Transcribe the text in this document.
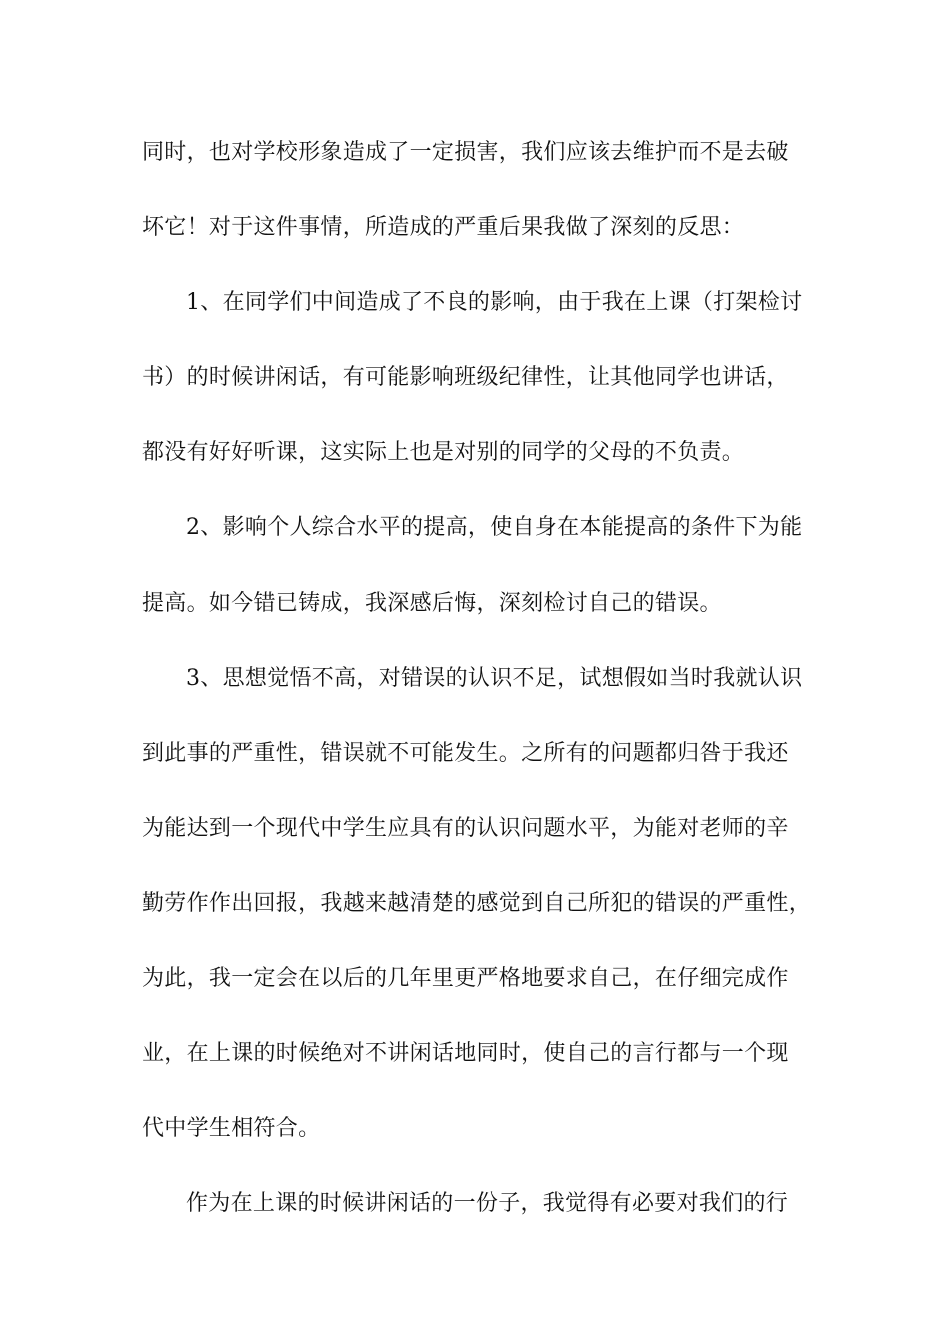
同时，也对学校形象造成了一定损害，我们应该去维护而不是去破
坏它！对于这件事情，所造成的严重后果我做了深刻的反思：
1、在同学们中间造成了不良的影响，由于我在上课（打架检讨
书）的时候讲闲话，有可能影响班级纪律性，让其他同学也讲话，
都没有好好听课，这实际上也是对别的同学的父母的不负责。
2、影响个人综合水平的提高，使自身在本能提高的条件下为能
提高。如今错已铸成，我深感后悔，深刻检讨自己的错误。
3、思想觉悟不高，对错误的认识不足，试想假如当时我就认识
到此事的严重性，错误就不可能发生。之所有的问题都归咎于我还
为能达到一个现代中学生应具有的认识问题水平，为能对老师的辛
勤劳作作出回报，我越来越清楚的感觉到自己所犯的错误的严重性，
为此，我一定会在以后的几年里更严格地要求自己，在仔细完成作
业，在上课的时候绝对不讲闲话地同时，使自己的言行都与一个现
代中学生相符合。
作为在上课的时候讲闲话的一份子，我觉得有必要对我们的行
